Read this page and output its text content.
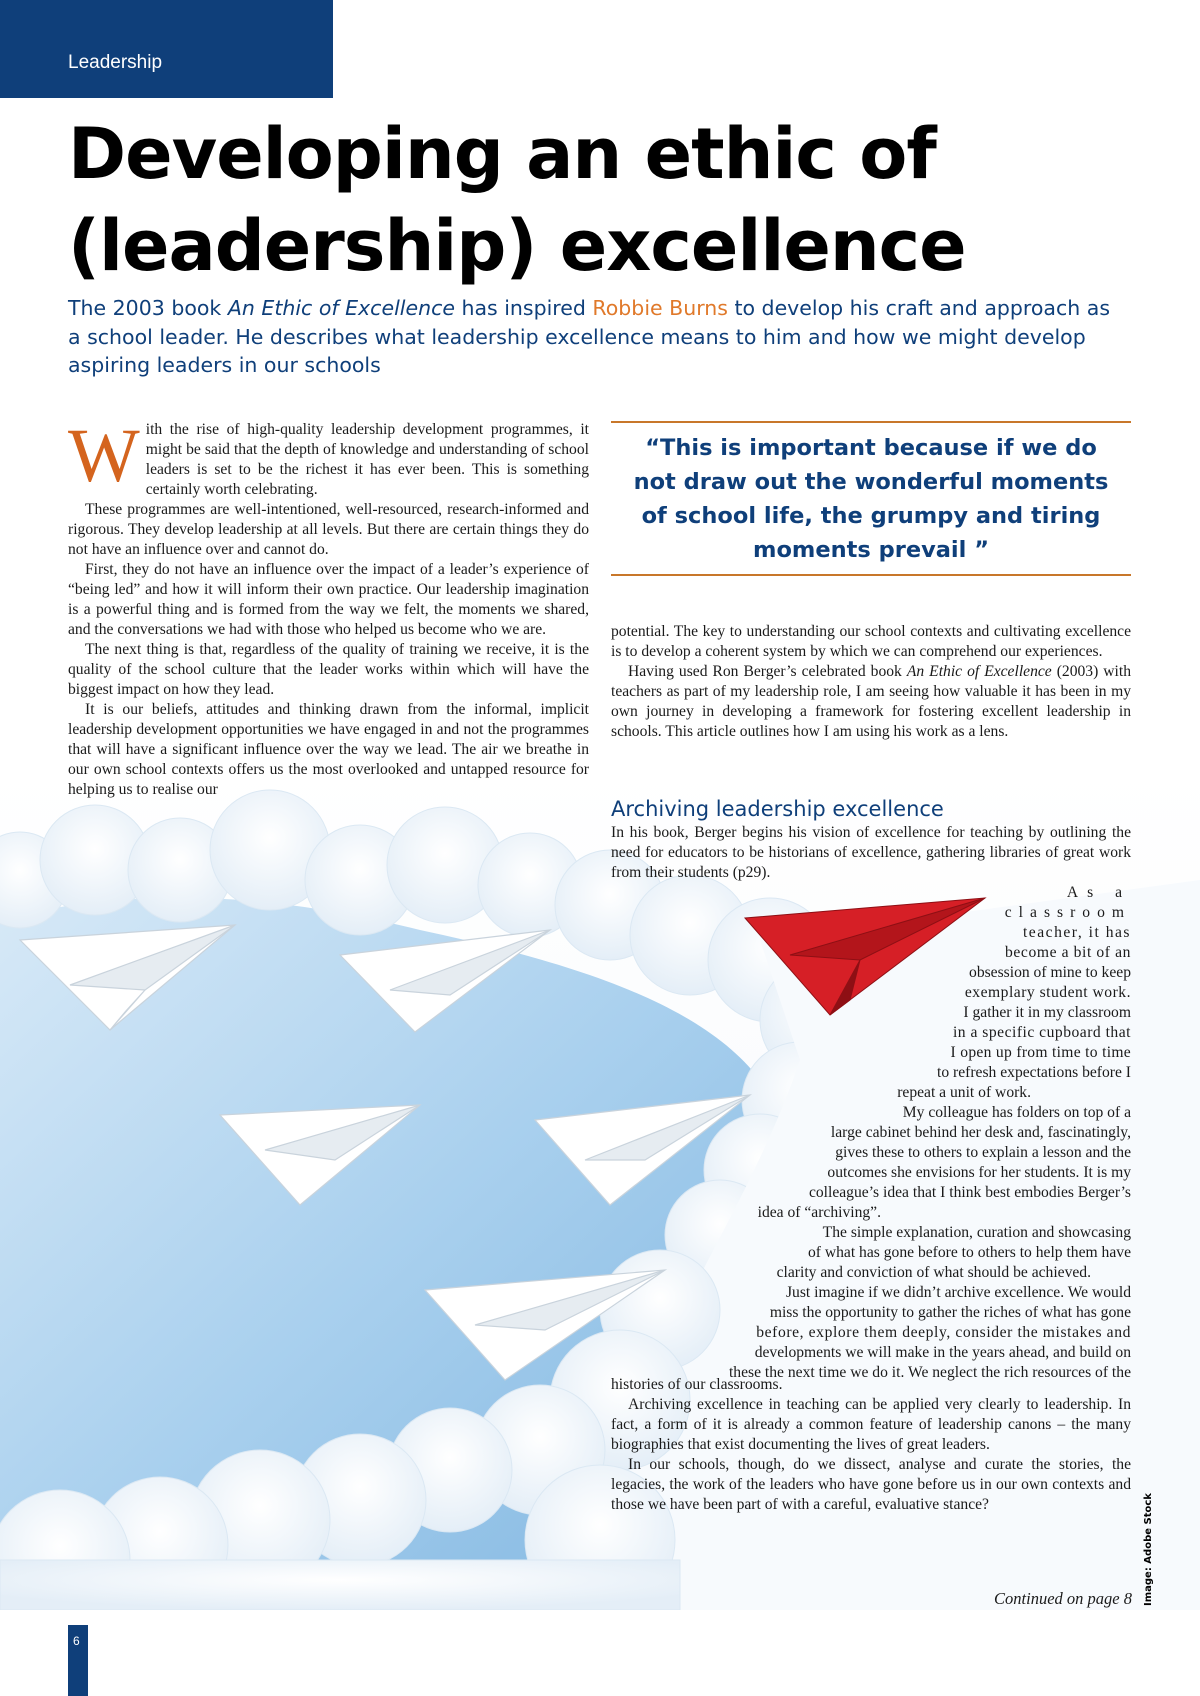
Leadership
Developing an ethic of
(leadership) excellence

The 2003 book An Ethic of Excellence has inspired Robbie Burns to develop his craft and approach as a school leader. He describes what leadership excellence means to him and how we might develop aspiring leaders in our schools

With the rise of high-quality leadership development programmes, it might be said that the depth of knowledge and understanding of school leaders is set to be the richest it has ever been. This is something certainly worth celebrating.

These programmes are well-intentioned, well-resourced, research-informed and rigorous. They develop leadership at all levels. But there are certain things they do not have an influence over and cannot do.

First, they do not have an influence over the impact of a leader’s experience of “being led” and how it will inform their own practice. Our leadership imagination is a powerful thing and is formed from the way we felt, the moments we shared, and the conversations we had with those who helped us become who we are.

The next thing is that, regardless of the quality of training we receive, it is the quality of the school culture that the leader works within which will have the biggest impact on how they lead.

It is our beliefs, attitudes and thinking drawn from the informal, implicit leadership development opportunities we have engaged in and not the programmes that will have a significant influence over the way we lead. The air we breathe in our own school contexts offers us the most overlooked and untapped resource for helping us to realise our

“This is important because if we do not draw out the wonderful moments of school life, the grumpy and tiring moments prevail ”

potential. The key to understanding our school contexts and cultivating excellence is to develop a coherent system by which we can comprehend our experiences.

Having used Ron Berger’s celebrated book An Ethic of Excellence (2003) with teachers as part of my leadership role, I am seeing how valuable it has been in my own journey in developing a framework for fostering excellent leadership in schools. This article outlines how I am using his work as a lens.

Archiving leadership excellence

In his book, Berger begins his vision of excellence for teaching by outlining the need for educators to be historians of excellence, gathering libraries of great work from their students (p29).

As a
classroom
teacher, it has
become a bit of an
obsession of mine to keep
exemplary student work.
I gather it in my classroom
in a specific cupboard that
I open up from time to time
to refresh expectations before I
repeat a unit of work.
My colleague has folders on top of a
large cabinet behind her desk and, fascinatingly,
gives these to others to explain a lesson and the
outcomes she envisions for her students. It is my
colleague’s idea that I think best embodies Berger’s
idea of “archiving”.
The simple explanation, curation and showcasing
of what has gone before to others to help them have
clarity and conviction of what should be achieved.
Just imagine if we didn’t archive excellence. We would
miss the opportunity to gather the riches of what has gone
before, explore them deeply, consider the mistakes and
developments we will make in the years ahead, and build on
these the next time we do it. We neglect the rich resources of the

histories of our classrooms.

Archiving excellence in teaching can be applied very clearly to leadership. In fact, a form of it is already a common feature of leadership canons – the many biographies that exist documenting the lives of great leaders.

In our schools, though, do we dissect, analyse and curate the stories, the legacies, the work of the leaders who have gone before us in our own contexts and those we have been part of with a careful, evaluative stance?

Continued on page 8 Image: Adobe Stock
6
